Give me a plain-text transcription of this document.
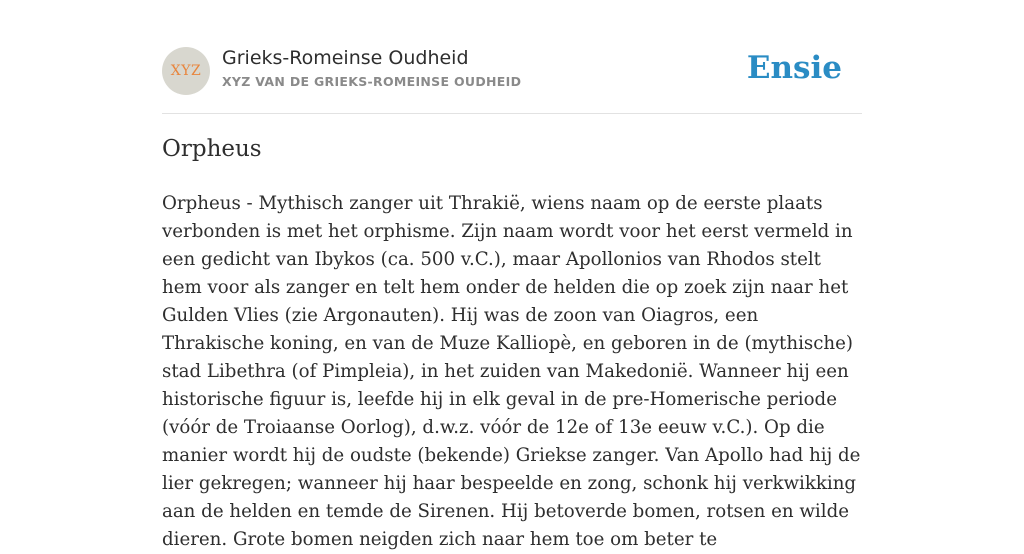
XYZ
Grieks-Romeinse Oudheid
XYZ VAN DE GRIEKS-ROMEINSE OUDHEID	Ensie
Orpheus

Orpheus - Mythisch zanger uit Thrakië, wiens naam op de eerste plaats verbonden is met het orphisme. Zijn naam wordt voor het eerst vermeld in een gedicht van Ibykos (ca. 500 v.C.), maar Apollonios van Rhodos stelt hem voor als zanger en telt hem onder de helden die op zoek zijn naar het Gulden Vlies (zie Argonauten). Hij was de zoon van Oiagros, een Thrakische koning, en van de Muze Kalliopè, en geboren in de (mythische) stad Libethra (of Pimpleia), in het zuiden van Makedonië. Wanneer hij een historische figuur is, leefde hij in elk geval in de pre-Homerische periode (vóór de Troiaanse Oorlog), d.w.z. vóór de 12e of 13e eeuw v.C.). Op die manier wordt hij de oudste (bekende) Griekse zanger. Van Apollo had hij de lier gekregen; wanneer hij haar bespeelde en zong, schonk hij verkwikking aan de helden en temde de Sirenen. Hij betoverde bomen, rotsen en wilde dieren. Grote bomen neigden zich naar hem toe om beter te
